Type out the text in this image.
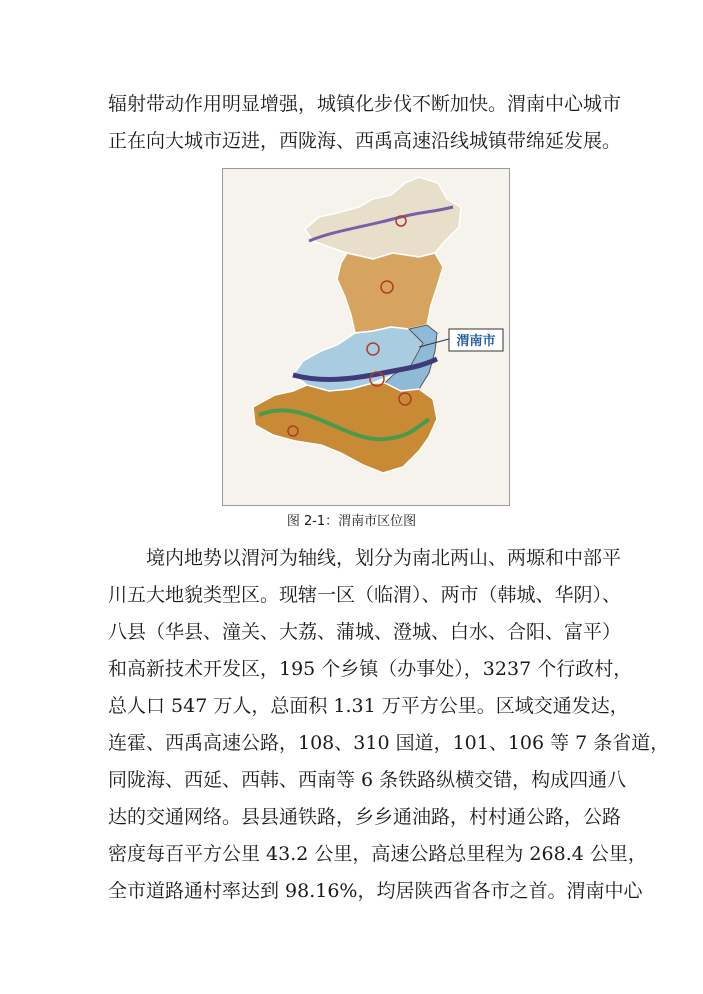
辐射带动作用明显增强，城镇化步伐不断加快。渭南中心城市
正在向大城市迈进，西陇海、西禹高速沿线城镇带绵延发展。
渭南市
图 2-1：渭南市区位图
境内地势以渭河为轴线，划分为南北两山、两塬和中部平
川五大地貌类型区。现辖一区（临渭）、两市（韩城、华阴）、
八县（华县、潼关、大荔、蒲城、澄城、白水、合阳、富平）
和高新技术开发区，195 个乡镇（办事处），3237 个行政村，
总人口 547 万人，总面积 1.31 万平方公里。区域交通发达，
连霍、西禹高速公路，108、310 国道，101、106 等 7 条省道，
同陇海、西延、西韩、西南等 6 条铁路纵横交错，构成四通八
达的交通网络。县县通铁路，乡乡通油路，村村通公路，公路
密度每百平方公里 43.2 公里，高速公路总里程为 268.4 公里，
全市道路通村率达到 98.16%，均居陕西省各市之首。渭南中心
